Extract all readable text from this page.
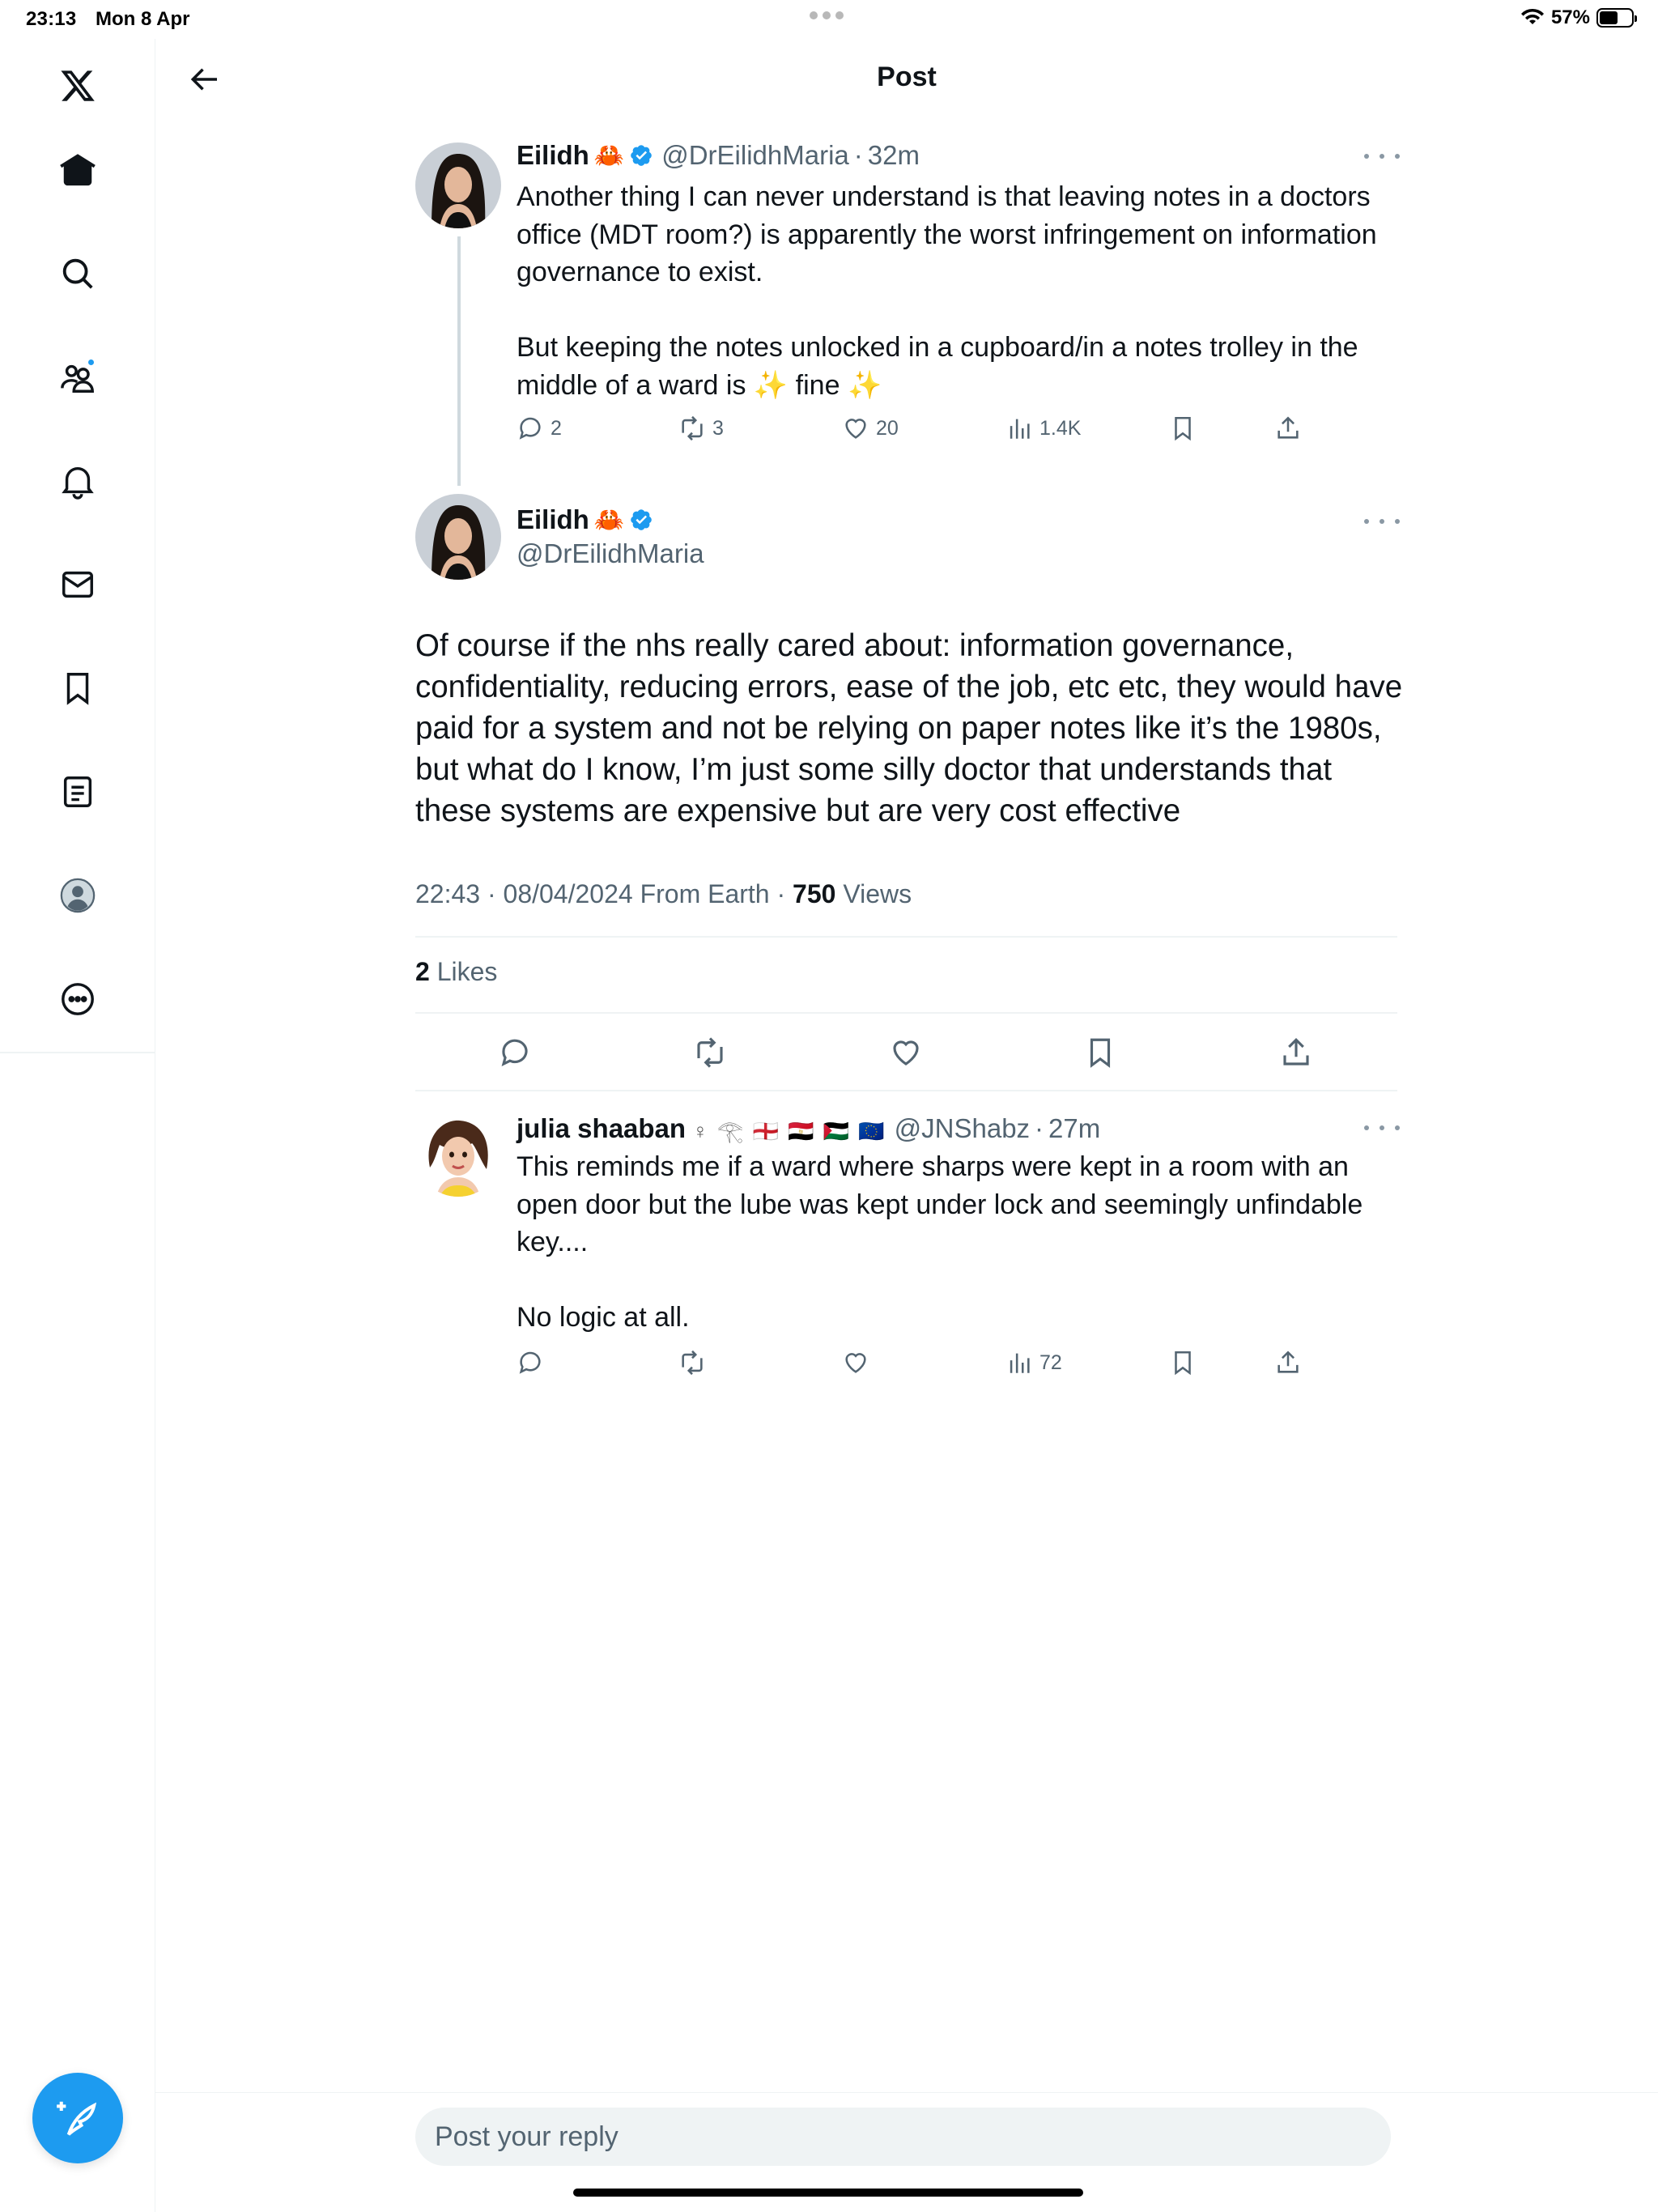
23:13 Mon 8 Apr	57%
Post
Eilidh 🦀 @DrEilidhMaria · 32m
Another thing I can never understand is that leaving notes in a doctors
office (MDT room?) is apparently the worst infringement on information
governance to exist.

But keeping the notes unlocked in a cupboard/in a notes trolley in the
middle of a ward is ✨ fine ✨
2	3	20	1.4K
Eilidh 🦀
@DrEilidhMaria
Of course if the nhs really cared about: information governance, confidentiality, reducing errors, ease of the job, etc etc, they would have paid for a system and not be relying on paper notes like it’s the 1980s, but what do I know, I’m just some silly doctor that understands that these systems are expensive but are very cost effective
22:43 · 08/04/2024 From Earth · 750 Views
2 Likes
julia shaaban ♀ 𓂀 🏴󠁧󠁢󠁥󠁮󠁧󠁿 🇪🇬 🇵🇸 🇪🇺 @JNShabz · 27m
This reminds me if a ward where sharps were kept in a room with an
open door but the lube was kept under lock and seemingly unfindable
key....

No logic at all.
72
Post your reply
